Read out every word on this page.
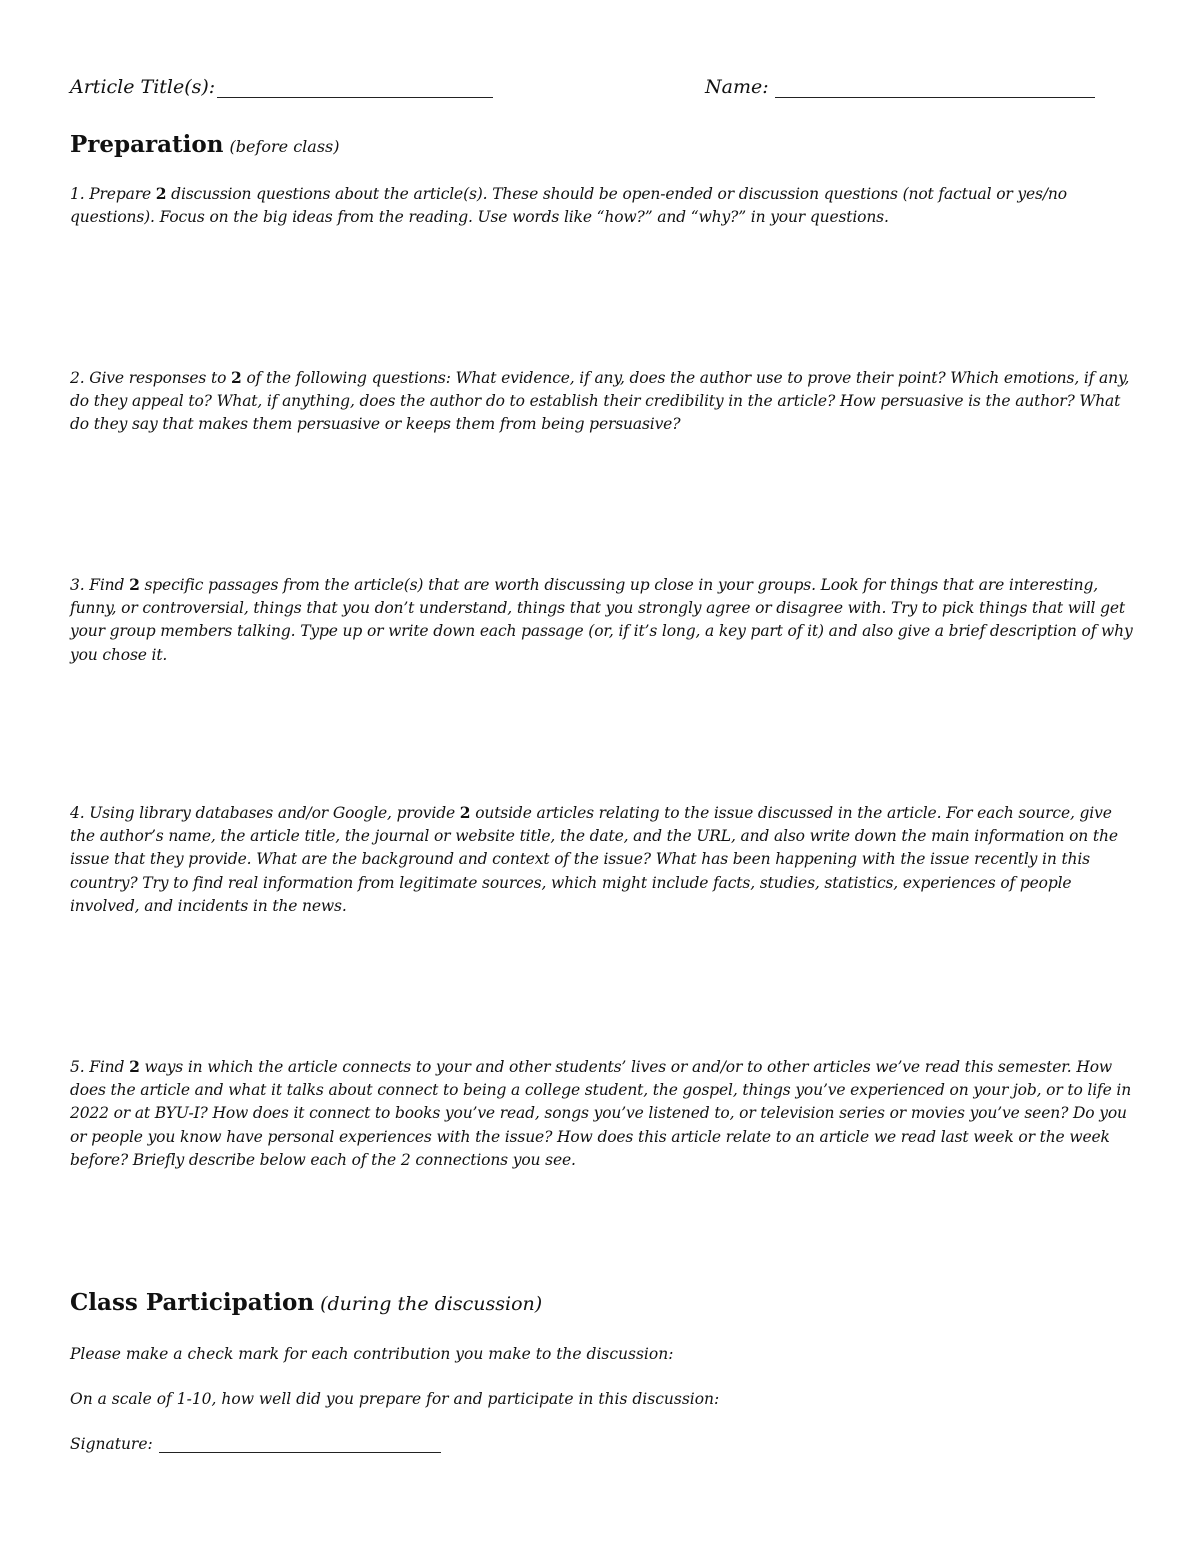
Article Title(s):	Name:
Preparation (before class)
1. Prepare 2 discussion questions about the article(s). These should be open-ended or discussion questions (not factual or yes/no questions). Focus on the big ideas from the reading. Use words like “how?” and “why?” in your questions.
2. Give responses to 2 of the following questions: What evidence, if any, does the author use to prove their point? Which emotions, if any, do they appeal to? What, if anything, does the author do to establish their credibility in the article? How persuasive is the author? What do they say that makes them persuasive or keeps them from being persuasive?
3. Find 2 specific passages from the article(s) that are worth discussing up close in your groups. Look for things that are interesting, funny, or controversial, things that you don’t understand, things that you strongly agree or disagree with. Try to pick things that will get your group members talking. Type up or write down each passage (or, if it’s long, a key part of it) and also give a brief description of why you chose it.
4. Using library databases and/or Google, provide 2 outside articles relating to the issue discussed in the article. For each source, give the author’s name, the article title, the journal or website title, the date, and the URL, and also write down the main information on the issue that they provide. What are the background and context of the issue? What has been happening with the issue recently in this country? Try to find real information from legitimate sources, which might include facts, studies, statistics, experiences of people involved, and incidents in the news.
5. Find 2 ways in which the article connects to your and other students’ lives or and/or to other articles we’ve read this semester. How does the article and what it talks about connect to being a college student, the gospel, things you’ve experienced on your job, or to life in 2022 or at BYU-I? How does it connect to books you’ve read, songs you’ve listened to, or television series or movies you’ve seen? Do you or people you know have personal experiences with the issue? How does this article relate to an article we read last week or the week before? Briefly describe below each of the 2 connections you see.
Class Participation (during the discussion)
Please make a check mark for each contribution you make to the discussion:
On a scale of 1-10, how well did you prepare for and participate in this discussion:
Signature:
